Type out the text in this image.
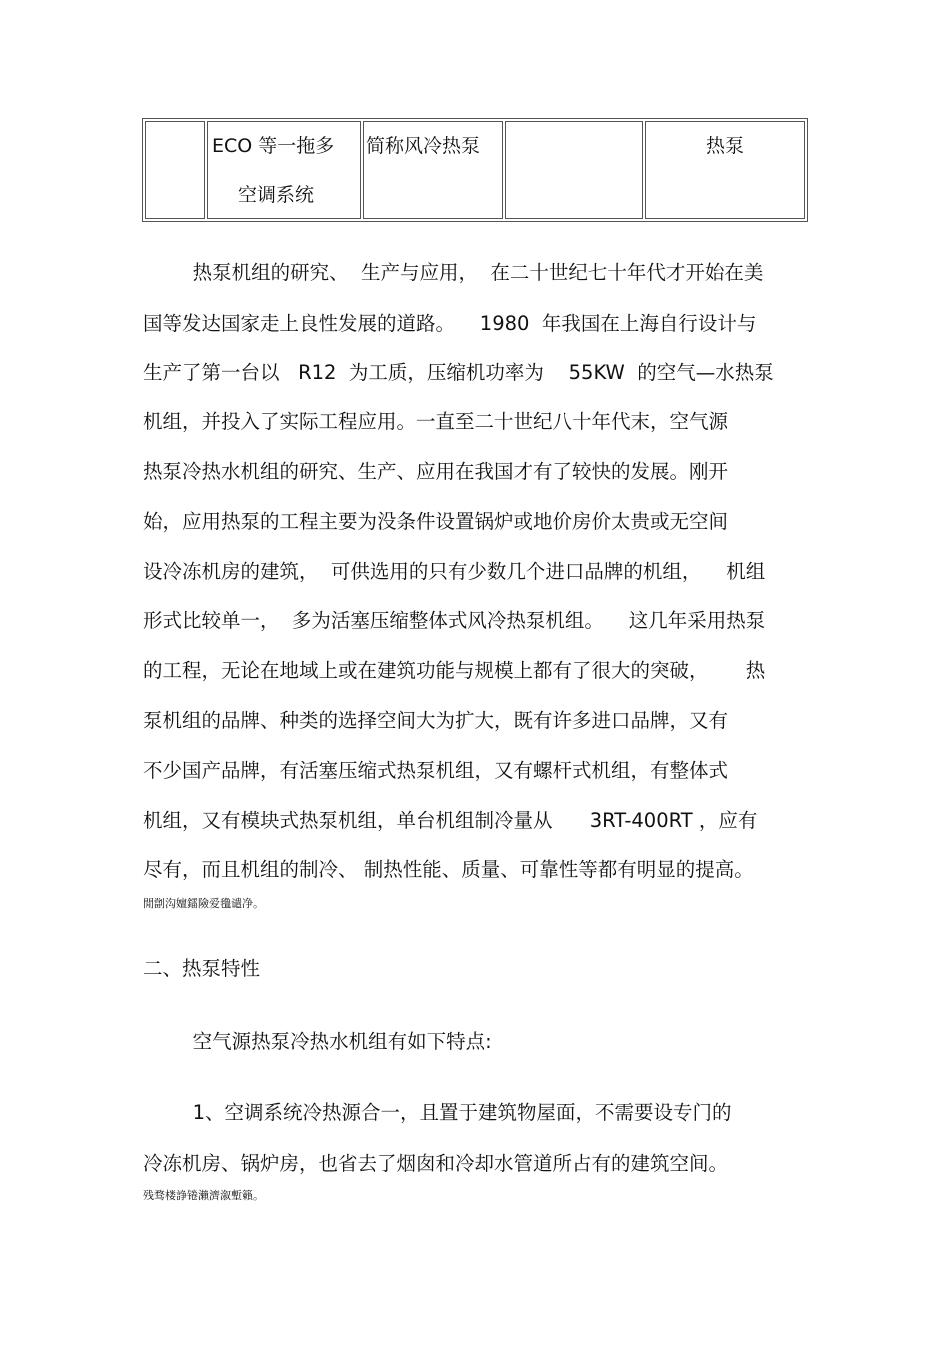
ECO 等一拖多
空调系统
简称风冷热泵	热泵
热泵机组的研究、  生产与应用，  在二十世纪七十年代才开始在美
国等发达国家走上良性发展的道路。    1980  年我国在上海自行设计与
生产了第一台以   R12  为工质，压缩机功率为    55KW  的空气—水热泵
机组，并投入了实际工程应用。一直至二十世纪八十年代末，空气源
热泵冷热水机组的研究、生产、应用在我国才有了较快的发展。刚开
始，应用热泵的工程主要为没条件设置锅炉或地价房价太贵或无空间
设冷冻机房的建筑，  可供选用的只有少数几个进口品牌的机组，    机组
形式比较单一，  多为活塞压缩整体式风冷热泵机组。    这几年采用热泵
的工程，无论在地域上或在建筑功能与规模上都有了很大的突破，      热
泵机组的品牌、种类的选择空间大为扩大，既有许多进口品牌，又有
不少国产品牌，有活塞压缩式热泵机组，又有螺杆式机组，有整体式
机组，又有模块式热泵机组，单台机组制冷量从      3RT-400RT ，应有
尽有，而且机组的制冷、 制热性能、质量、可靠性等都有明显的提高。
閒劏沟嬗鐳險爱氇谴净。
二、热泵特性
空气源热泵冷热水机组有如下特点:
1、空调系统冷热源合一，且置于建筑物屋面，不需要设专门的
冷冻机房、锅炉房，也省去了烟囱和冷却水管道所占有的建筑空间。
残骛楼諍锩瀨濟溆塹籟。
